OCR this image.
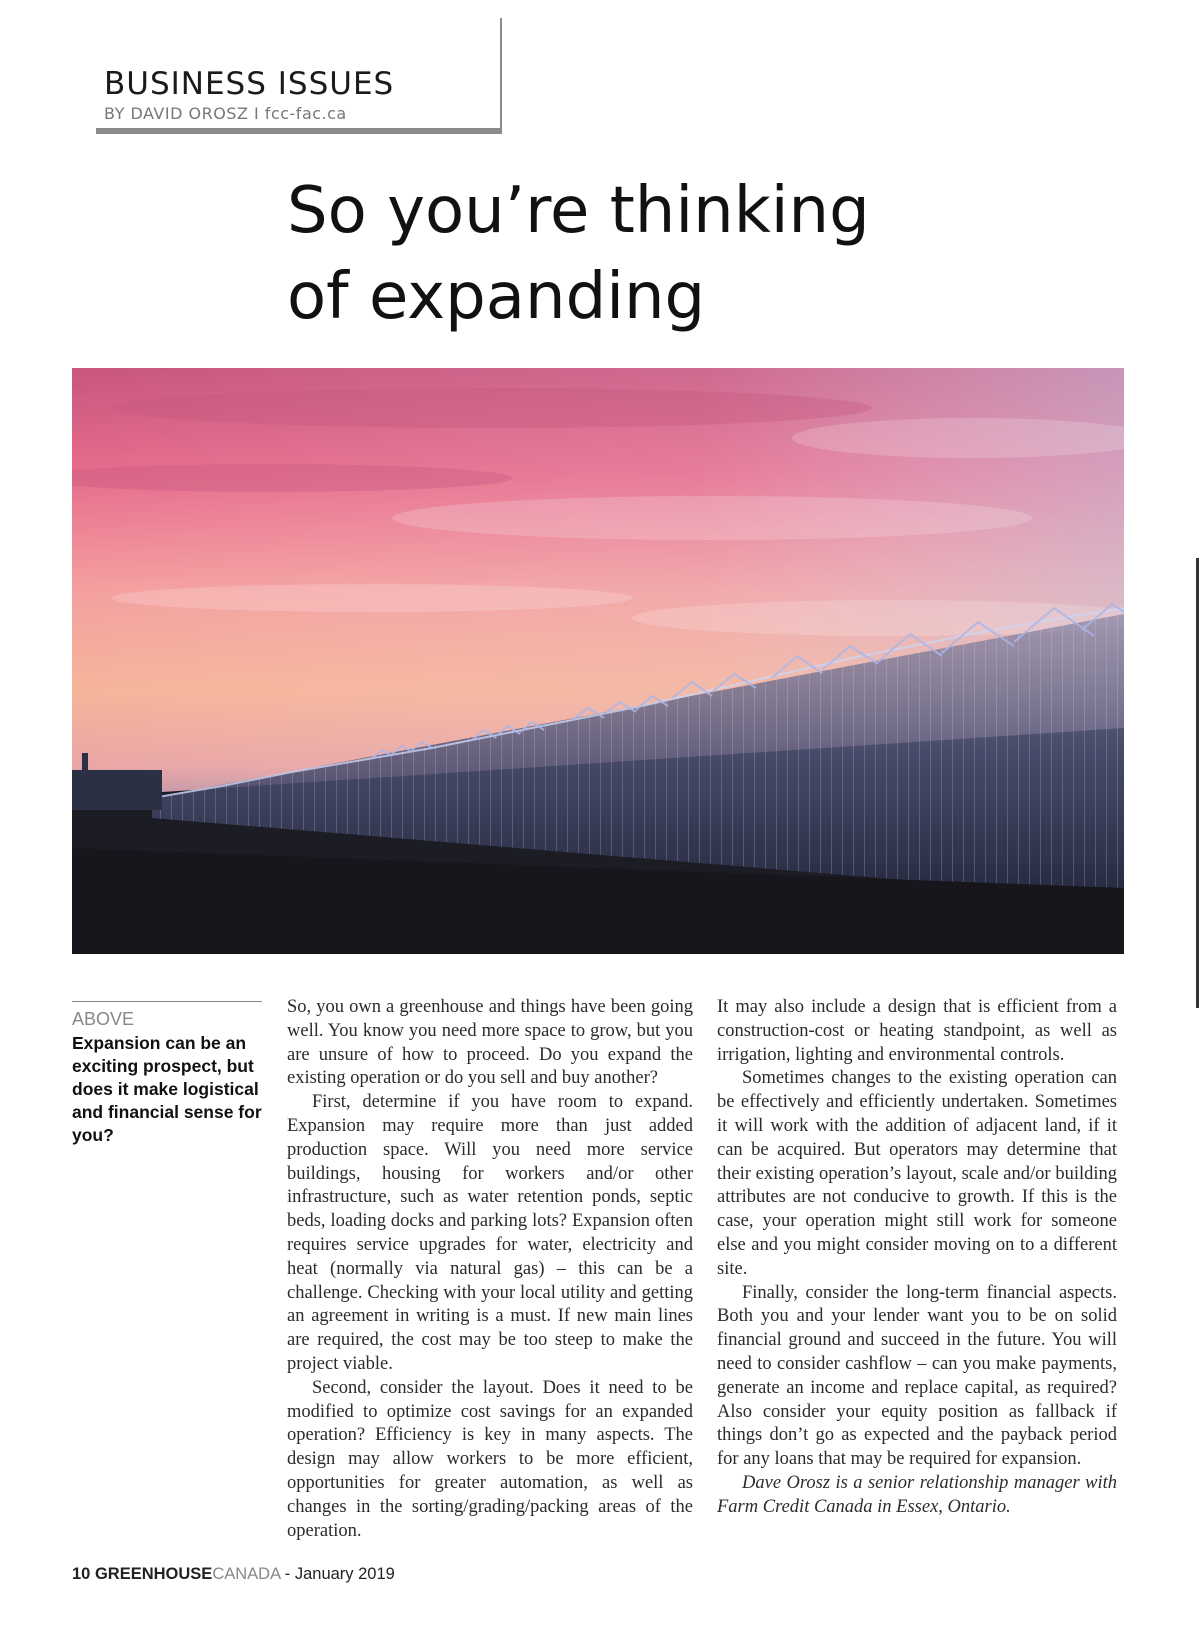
BUSINESS ISSUES
BY DAVID OROSZ I fcc-fac.ca
So you’re thinking
of expanding
ABOVE
Expansion can be an exciting prospect, but does it make logistical and financial sense for you?

So, you own a greenhouse and things have been going well. You know you need more space to grow, but you are unsure of how to proceed. Do you expand the existing operation or do you sell and buy another?

First, determine if you have room to expand. Expansion may require more than just added production space. Will you need more service buildings, housing for workers and/or other infrastructure, such as water retention ponds, septic beds, loading docks and parking lots? Expansion often requires service upgrades for water, electricity and heat (normally via natural gas) – this can be a challenge. Checking with your local utility and getting an agreement in writing is a must. If new main lines are required, the cost may be too steep to make the project viable.

Second, consider the layout. Does it need to be modified to optimize cost savings for an expanded operation? Efficiency is key in many aspects. The design may allow workers to be more efficient, opportunities for greater automation, as well as changes in the sorting/grading/packing areas of the operation.

It may also include a design that is efficient from a construction-cost or heating standpoint, as well as irrigation, lighting and environmental controls.

Sometimes changes to the existing operation can be effectively and efficiently undertaken. Sometimes it will work with the addition of adjacent land, if it can be acquired. But operators may determine that their existing operation’s layout, scale and/or building attributes are not conducive to growth. If this is the case, your operation might still work for someone else and you might consider moving on to a different site.

Finally, consider the long-term financial aspects. Both you and your lender want you to be on solid financial ground and succeed in the future. You will need to consider cashflow – can you make payments, generate an income and replace capital, as required? Also consider your equity position as fallback if things don’t go as expected and the payback period for any loans that may be required for expansion.

Dave Orosz is a senior relationship manager with Farm Credit Canada in Essex, Ontario.

10 GREENHOUSECANADA - January 2019
